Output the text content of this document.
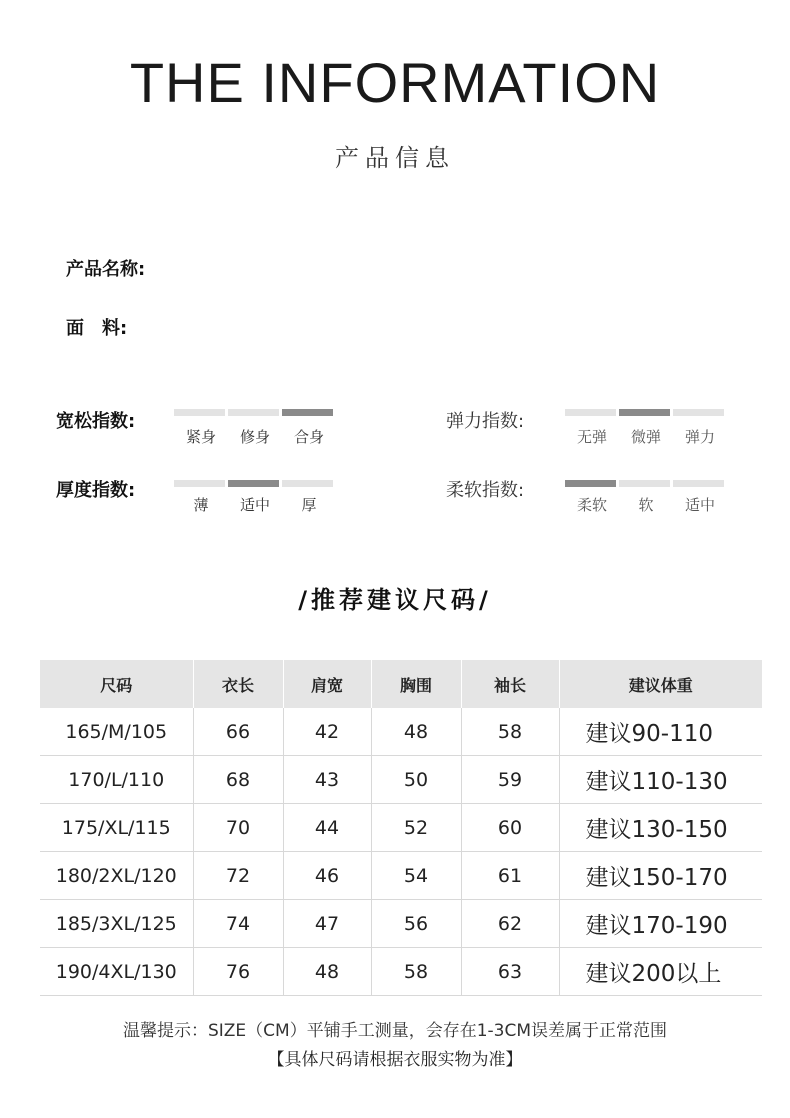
THE INFORMATION
产品信息
产品名称:
面　料:
宽松指数:
紧身	修身	合身
弹力指数:
无弹	微弹	弹力
厚度指数:
薄	适中	厚
柔软指数:
柔软	软	适中
/推荐建议尺码/
尺码	衣长	肩宽	胸围	袖长	建议体重
165/M/105	66	42	48	58	建议90-110
170/L/110	68	43	50	59	建议110-130
175/XL/115	70	44	52	60	建议130-150
180/2XL/120	72	46	54	61	建议150-170
185/3XL/125	74	47	56	62	建议170-190
190/4XL/130	76	48	58	63	建议200以上
温馨提示：SIZE（CM）平铺手工测量，会存在1-3CM误差属于正常范围
【具体尺码请根据衣服实物为准】
